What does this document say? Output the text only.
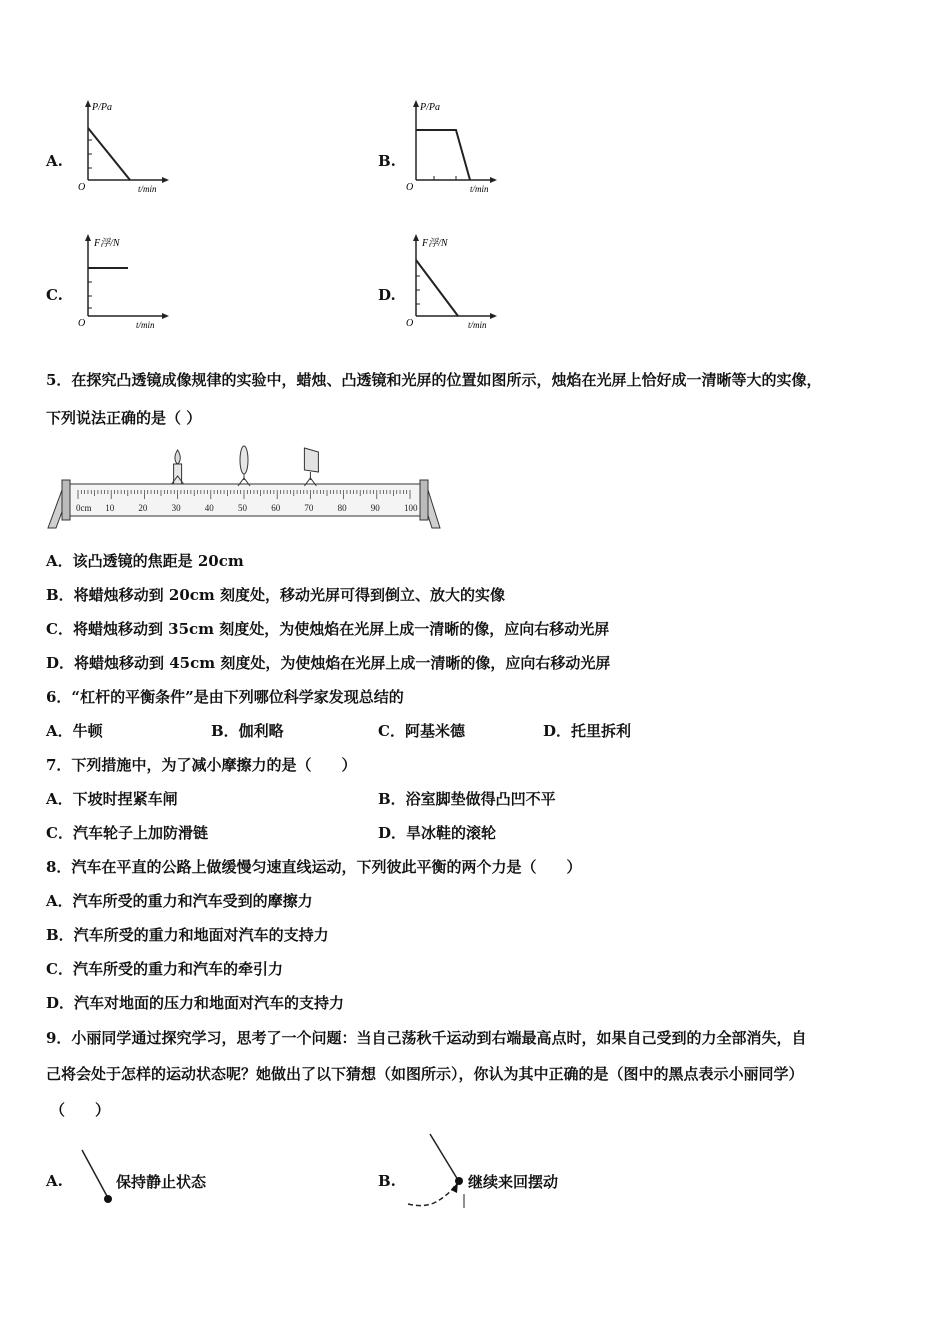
A.
P/Pa
O	t/min
B.
P/Pa
O	t/min
C.
F浮/N
O	t/min
D.
F浮/N
O	t/min
5．在探究凸透镜成像规律的实验中，蜡烛、凸透镜和光屏的位置如图所示，烛焰在光屏上恰好成一清晰等大的实像，
下列说法正确的是（ ）
0cm 10	20	30	40	50	60	70	80	90	100
A．该凸透镜的焦距是 20cm
B．将蜡烛移动到 20cm 刻度处，移动光屏可得到倒立、放大的实像
C．将蜡烛移动到 35cm 刻度处，为使烛焰在光屏上成一清晰的像，应向右移动光屏
D．将蜡烛移动到 45cm 刻度处，为使烛焰在光屏上成一清晰的像，应向右移动光屏
6．“杠杆的平衡条件”是由下列哪位科学家发现总结的
A．牛顿	B．伽利略	C．阿基米德	D．托里拆利
7．下列措施中，为了减小摩擦力的是（　　）
A．下坡时捏紧车闸	B．浴室脚垫做得凸凹不平
C．汽车轮子上加防滑链	D．旱冰鞋的滚轮
8．汽车在平直的公路上做缓慢匀速直线运动，下列彼此平衡的两个力是（　　）
A．汽车所受的重力和汽车受到的摩擦力
B．汽车所受的重力和地面对汽车的支持力
C．汽车所受的重力和汽车的牵引力
D．汽车对地面的压力和地面对汽车的支持力
9．小丽同学通过探究学习，思考了一个问题：当自己荡秋千运动到右端最高点时，如果自己受到的力全部消失，自
己将会处于怎样的运动状态呢？她做出了以下猜想（如图所示），你认为其中正确的是（图中的黑点表示小丽同学）
（　　）
A.	保持静止状态	B.	继续来回摆动
